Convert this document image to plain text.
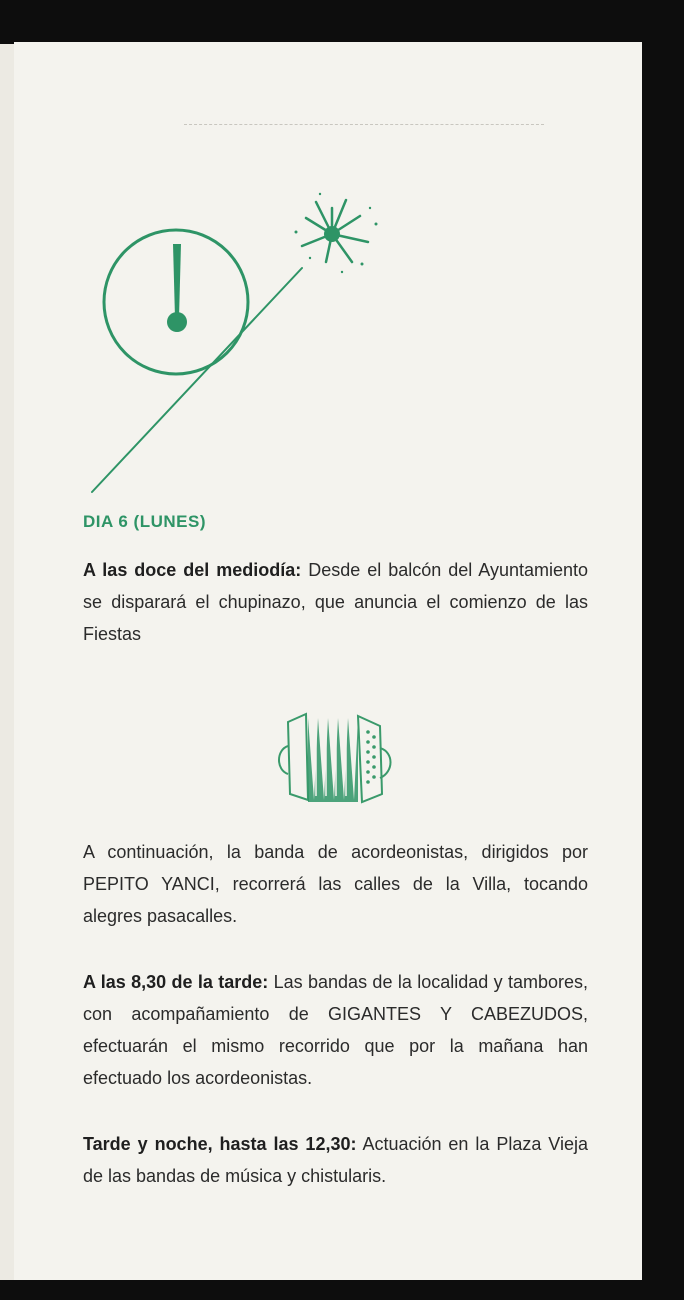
DIA 6 (LUNES)

A las doce del mediodía: Desde el balcón del Ayuntamiento se disparará el chupinazo, que anuncia el comienzo de las Fiestas

A continuación, la banda de acordeonistas, dirigidos por PEPITO YANCI, recorrerá las calles de la Villa, tocando alegres pasacalles.

A las 8,30 de la tarde: Las bandas de la localidad y tambores, con acompañamiento de GIGANTES Y CABEZUDOS, efectuarán el mismo recorrido que por la mañana han efectuado los acordeonistas.

Tarde y noche, hasta las 12,30: Actuación en la Plaza Vieja de las bandas de música y chistularis.
